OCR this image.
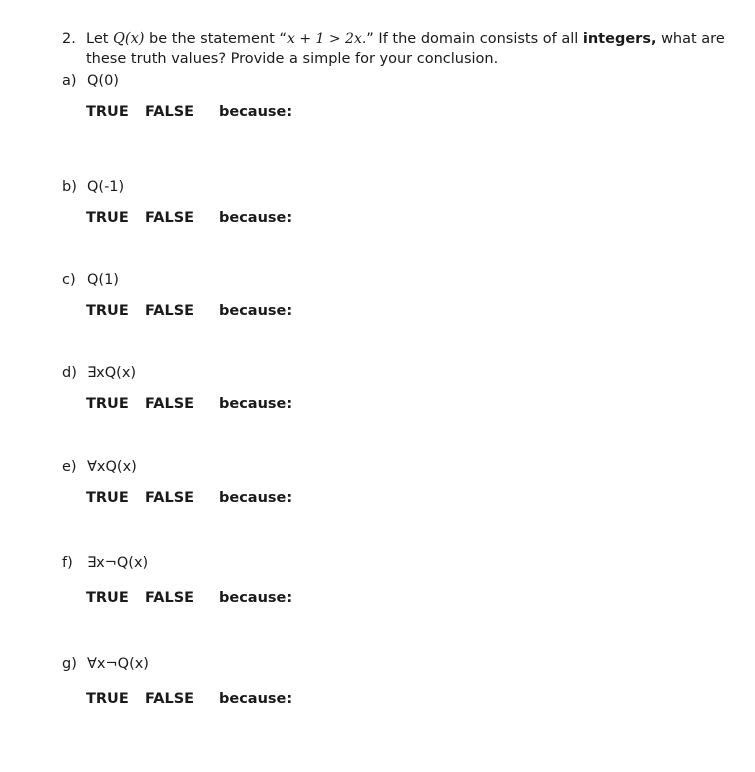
2. Let Q(x) be the statement “x + 1 > 2x.” If the domain consists of all integers, what are
these truth values? Provide a simple for your conclusion.
a) Q(0)
TRUE FALSE because:
b) Q(-1)
TRUE FALSE because:
c) Q(1)
TRUE FALSE because:
d) ∃xQ(x)
TRUE FALSE because:
e) ∀xQ(x)
TRUE FALSE because:
f) ∃x¬Q(x)
TRUE FALSE because:
g) ∀x¬Q(x)
TRUE FALSE because:
